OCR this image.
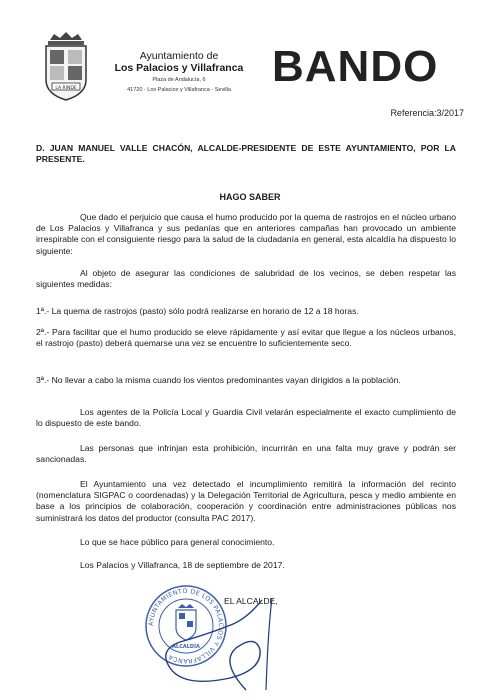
LA RINDE
Ayuntamiento de
Los Palacios y Villafranca
Plaza de Andalucía, 6
41720 · Los Palacios y Villafranca · Sevilla BANDO
Referencia:3/2017
D. JUAN MANUEL VALLE CHACÓN, ALCALDE-PRESIDENTE DE ESTE AYUNTAMIENTO, POR LA PRESENTE.
HAGO SABER
Que dado el perjuicio que causa el humo producido por la quema de rastrojos en el núcleo urbano de Los Palacios y Villafranca y sus pedanías que en anteriores campañas han provocado un ambiente irrespirable con el consiguiente riesgo para la salud de la ciudadanía en general, esta alcaldía ha dispuesto lo siguiente:
Al objeto de asegurar las condiciones de salubridad de los vecinos, se deben respetar las siguientes medidas:
1ª.- La quema de rastrojos (pasto) sólo podrá realizarse en horario de 12 a 18 horas.
2ª.- Para facilitar que el humo producido se eleve rápidamente y así evitar que llegue a los núcleos urbanos, el rastrojo (pasto) deberá quemarse una vez se encuentre lo suficientemente seco.
3ª.- No llevar a cabo la misma cuando los vientos predominantes vayan dirigidos a la población.
Los agentes de la Policía Local y Guardia Civil velarán especialmente el exacto cumplimiento de lo dispuesto de este bando.
Las personas que infrinjan esta prohibición, incurrirán en una falta muy grave y podrán ser sancionadas.
El Ayuntamiento una vez detectado el incumplimiento remitirá la información del recinto (nomenclatura SIGPAC o coordenadas) y la Delegación Territorial de Agricultura, pesca y medio ambiente en base a los principios de colaboración, cooperación y coordinación entre administraciones públicas nos suministrará los datos del productor (consulta PAC 2017).
Lo que se hace público para general conocimiento.
Los Palacios y Villafranca, 18 de septiembre de 2017.
EL ALCALDE,
AYUNTAMIENTO DE LOS PALACIOS Y VILLAFRANCA
ALCALDÍA
